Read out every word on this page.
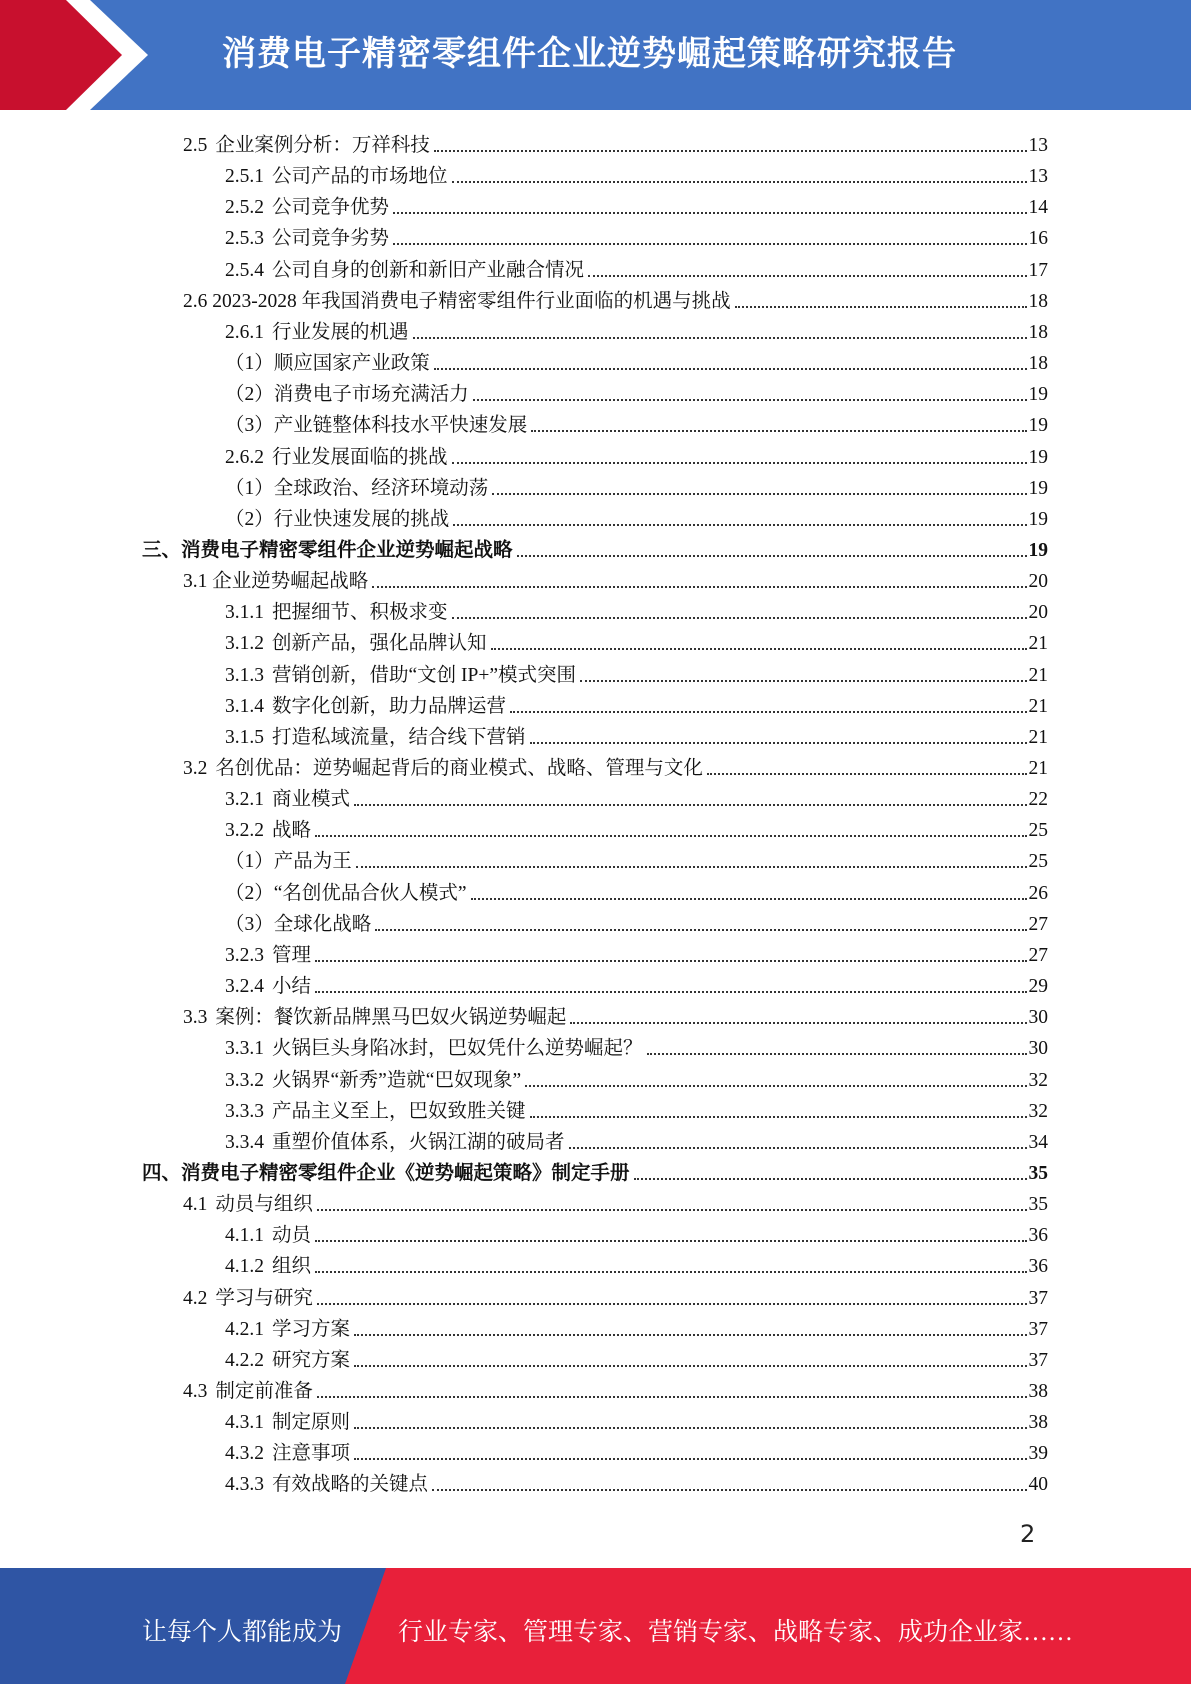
消费电子精密零组件企业逆势崛起策略研究报告
2.5 企业案例分析：万祥科技	13
2.5.1 公司产品的市场地位	13
2.5.2 公司竞争优势	14
2.5.3 公司竞争劣势	16
2.5.4 公司自身的创新和新旧产业融合情况	17
2.6 2023-2028 年我国消费电子精密零组件行业面临的机遇与挑战	18
2.6.1 行业发展的机遇	18
（1）顺应国家产业政策	18
（2）消费电子市场充满活力	19
（3）产业链整体科技水平快速发展	19
2.6.2 行业发展面临的挑战	19
（1）全球政治、经济环境动荡	19
（2）行业快速发展的挑战	19
三、消费电子精密零组件企业逆势崛起战略	19
3.1 企业逆势崛起战略	20
3.1.1 把握细节、积极求变	20
3.1.2 创新产品，强化品牌认知	21
3.1.3 营销创新，借助“文创 IP+”模式突围	21
3.1.4 数字化创新，助力品牌运营	21
3.1.5 打造私域流量，结合线下营销	21
3.2 名创优品：逆势崛起背后的商业模式、战略、管理与文化	21
3.2.1 商业模式	22
3.2.2 战略	25
（1）产品为王	25
（2）“名创优品合伙人模式”	26
（3）全球化战略	27
3.2.3 管理	27
3.2.4 小结	29
3.3 案例：餐饮新品牌黑马巴奴火锅逆势崛起	30
3.3.1 火锅巨头身陷冰封，巴奴凭什么逆势崛起？	30
3.3.2 火锅界“新秀”造就“巴奴现象”	32
3.3.3 产品主义至上，巴奴致胜关键	32
3.3.4 重塑价值体系，火锅江湖的破局者	34
四、消费电子精密零组件企业《逆势崛起策略》制定手册	35
4.1 动员与组织	35
4.1.1 动员	36
4.1.2 组织	36
4.2 学习与研究	37
4.2.1 学习方案	37
4.2.2 研究方案	37
4.3 制定前准备	38
4.3.1 制定原则	38
4.3.2 注意事项	39
4.3.3 有效战略的关键点	40
2
让每个人都能成为 行业专家、管理专家、营销专家、战略专家、成功企业家……
